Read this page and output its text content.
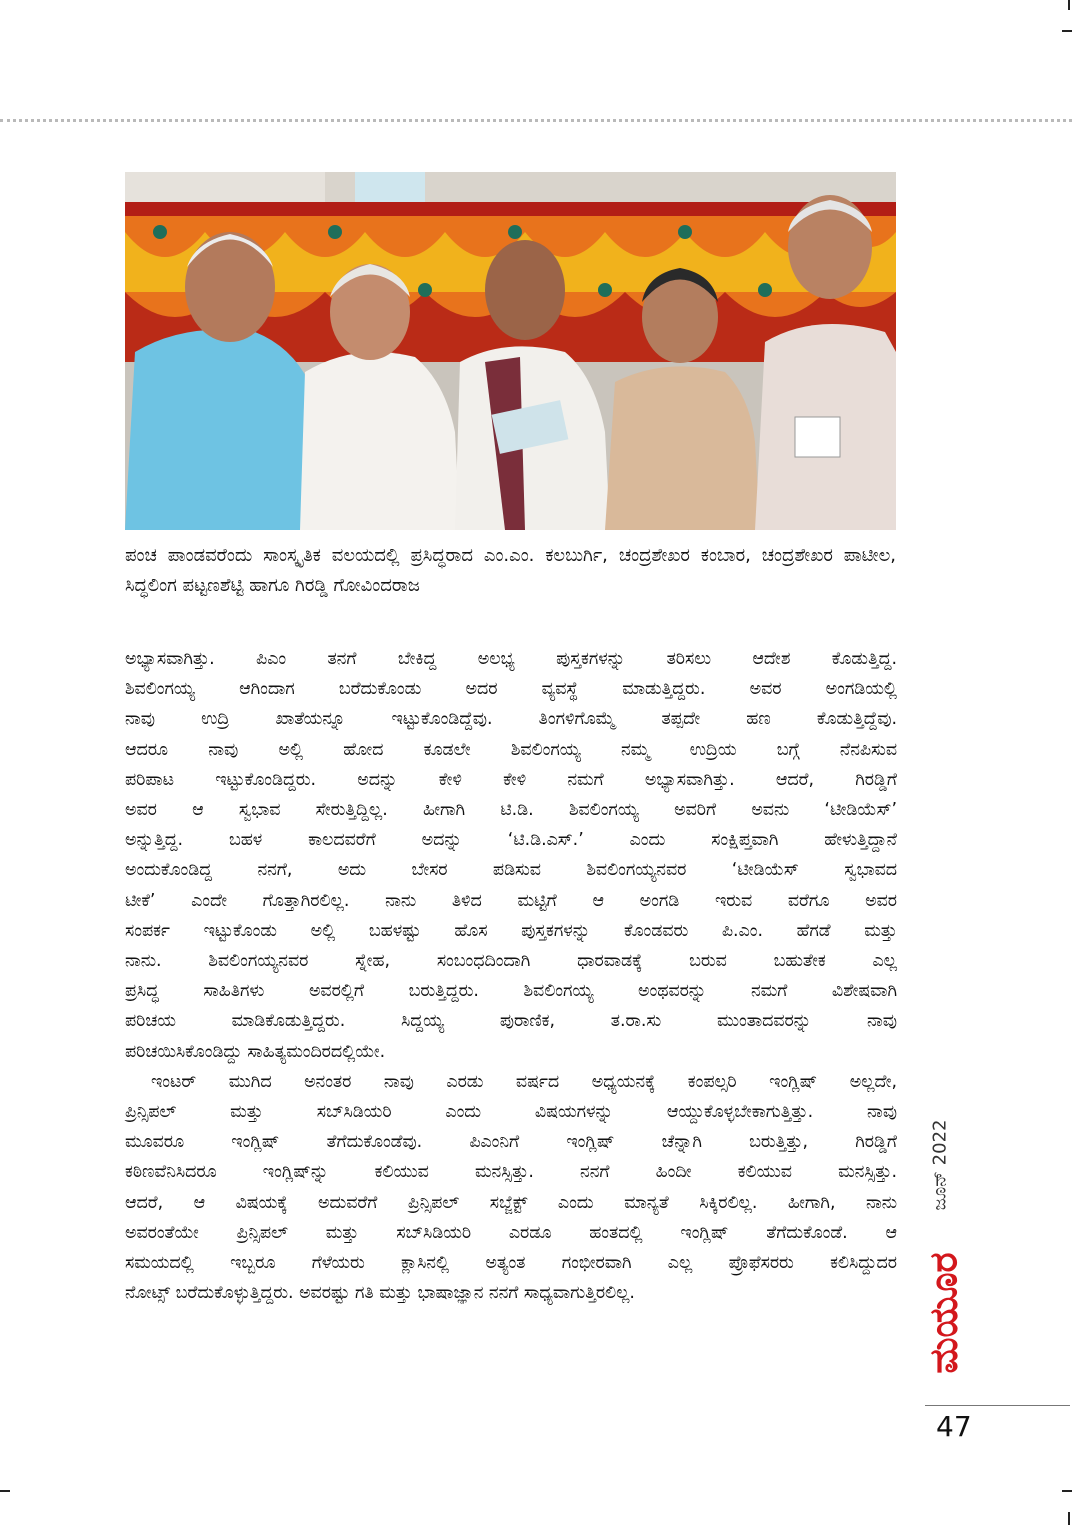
ಪಂಚ ಪಾಂಡವರೆಂದು ಸಾಂಸ್ಕೃತಿಕ ವಲಯದಲ್ಲಿ ಪ್ರಸಿದ್ಧರಾದ ಎಂ.ಎಂ. ಕಲಬುರ್ಗಿ, ಚಂದ್ರಶೇಖರ ಕಂಬಾರ, ಚಂದ್ರಶೇಖರ ಪಾಟೀಲ, ಸಿದ್ಧಲಿಂಗ ಪಟ್ಟಣಶೆಟ್ಟಿ ಹಾಗೂ ಗಿರಡ್ಡಿ ಗೋವಿಂದರಾಜ

ಅಭ್ಯಾಸವಾಗಿತ್ತು. ಪಿಎಂ ತನಗೆ ಬೇಕಿದ್ದ ಅಲಭ್ಯ ಪುಸ್ತಕಗಳನ್ನು ತರಿಸಲು ಆದೇಶ ಕೊಡುತ್ತಿದ್ದ.

ಶಿವಲಿಂಗಯ್ಯ ಆಗಿಂದಾಗ ಬರೆದುಕೊಂಡು ಅದರ ವ್ಯವಸ್ಥೆ ಮಾಡುತ್ತಿದ್ದರು. ಅವರ ಅಂಗಡಿಯಲ್ಲಿ

ನಾವು ಉದ್ರಿ ಖಾತೆಯನ್ನೂ ಇಟ್ಟುಕೊಂಡಿದ್ದೆವು. ತಿಂಗಳಿಗೊಮ್ಮೆ ತಪ್ಪದೇ ಹಣ ಕೊಡುತ್ತಿದ್ದೆವು.

ಆದರೂ ನಾವು ಅಲ್ಲಿ ಹೋದ ಕೂಡಲೇ ಶಿವಲಿಂಗಯ್ಯ ನಮ್ಮ ಉದ್ರಿಯ ಬಗ್ಗೆ ನೆನಪಿಸುವ

ಪರಿಪಾಟ ಇಟ್ಟುಕೊಂಡಿದ್ದರು. ಅದನ್ನು ಕೇಳಿ ಕೇಳಿ ನಮಗೆ ಅಭ್ಯಾಸವಾಗಿತ್ತು. ಆದರೆ, ಗಿರಡ್ಡಿಗೆ

ಅವರ ಆ ಸ್ವಭಾವ ಸೇರುತ್ತಿದ್ದಿಲ್ಲ. ಹೀಗಾಗಿ ಟಿ.ಡಿ. ಶಿವಲಿಂಗಯ್ಯ ಅವರಿಗೆ ಅವನು ‘ಟೀಡಿಯೆಸ್’

ಅನ್ನುತ್ತಿದ್ದ. ಬಹಳ ಕಾಲದವರೆಗೆ ಅದನ್ನು ‘ಟಿ.ಡಿ.ಎಸ್.’ ಎಂದು ಸಂಕ್ಷಿಪ್ತವಾಗಿ ಹೇಳುತ್ತಿದ್ದಾನೆ

ಅಂದುಕೊಂಡಿದ್ದ ನನಗೆ, ಅದು ಬೇಸರ ಪಡಿಸುವ ಶಿವಲಿಂಗಯ್ಯನವರ ‘ಟೀಡಿಯೆಸ್ ಸ್ವಭಾವದ

ಟೀಕೆ’ ಎಂದೇ ಗೊತ್ತಾಗಿರಲಿಲ್ಲ. ನಾನು ತಿಳಿದ ಮಟ್ಟಿಗೆ ಆ ಅಂಗಡಿ ಇರುವ ವರೆಗೂ ಅವರ

ಸಂಪರ್ಕ ಇಟ್ಟುಕೊಂಡು ಅಲ್ಲಿ ಬಹಳಷ್ಟು ಹೊಸ ಪುಸ್ತಕಗಳನ್ನು ಕೊಂಡವರು ಪಿ.ಎಂ. ಹೆಗಡೆ ಮತ್ತು

ನಾನು. ಶಿವಲಿಂಗಯ್ಯನವರ ಸ್ನೇಹ, ಸಂಬಂಧದಿಂದಾಗಿ ಧಾರವಾಡಕ್ಕೆ ಬರುವ ಬಹುತೇಕ ಎಲ್ಲ

ಪ್ರಸಿದ್ಧ ಸಾಹಿತಿಗಳು ಅವರಲ್ಲಿಗೆ ಬರುತ್ತಿದ್ದರು. ಶಿವಲಿಂಗಯ್ಯ ಅಂಥವರನ್ನು ನಮಗೆ ವಿಶೇಷವಾಗಿ

ಪರಿಚಯ ಮಾಡಿಕೊಡುತ್ತಿದ್ದರು. ಸಿದ್ದಯ್ಯ ಪುರಾಣಿಕ, ತ.ರಾ.ಸು ಮುಂತಾದವರನ್ನು ನಾವು

ಪರಿಚಯಿಸಿಕೊಂಡಿದ್ದು ಸಾಹಿತ್ಯಮಂದಿರದಲ್ಲಿಯೇ.

ಇಂಟರ್ ಮುಗಿದ ಅನಂತರ ನಾವು ಎರಡು ವರ್ಷದ ಅಧ್ಯಯನಕ್ಕೆ ಕಂಪಲ್ಸರಿ ಇಂಗ್ಲಿಷ್ ಅಲ್ಲದೇ,

ಪ್ರಿನ್ಸಿಪಲ್ ಮತ್ತು ಸಬ್‌ಸಿಡಿಯರಿ ಎಂದು ವಿಷಯಗಳನ್ನು ಆಯ್ದುಕೊಳ್ಳಬೇಕಾಗುತ್ತಿತ್ತು. ನಾವು

ಮೂವರೂ ಇಂಗ್ಲಿಷ್ ತೆಗೆದುಕೊಂಡೆವು. ಪಿಎಂನಿಗೆ ಇಂಗ್ಲಿಷ್ ಚೆನ್ನಾಗಿ ಬರುತ್ತಿತ್ತು, ಗಿರಡ್ಡಿಗೆ

ಕಠಿಣವೆನಿಸಿದರೂ ಇಂಗ್ಲಿಷ್‌ನ್ನು ಕಲಿಯುವ ಮನಸ್ಸಿತ್ತು. ನನಗೆ ಹಿಂದೀ ಕಲಿಯುವ ಮನಸ್ಸಿತ್ತು.

ಆದರೆ, ಆ ವಿಷಯಕ್ಕೆ ಅದುವರೆಗೆ ಪ್ರಿನ್ಸಿಪಲ್ ಸಬ್ಜೆಕ್ಟ್ ಎಂದು ಮಾನ್ಯತೆ ಸಿಕ್ಕಿರಲಿಲ್ಲ. ಹೀಗಾಗಿ, ನಾನು

ಅವರಂತೆಯೇ ಪ್ರಿನ್ಸಿಪಲ್ ಮತ್ತು ಸಬ್‌ಸಿಡಿಯರಿ ಎರಡೂ ಹಂತದಲ್ಲಿ ಇಂಗ್ಲಿಷ್ ತೆಗೆದುಕೊಂಡೆ. ಆ

ಸಮಯದಲ್ಲಿ ಇಬ್ಬರೂ ಗೆಳೆಯರು ಕ್ಲಾಸಿನಲ್ಲಿ ಅತ್ಯಂತ ಗಂಭೀರವಾಗಿ ಎಲ್ಲ ಪ್ರೊಫೆಸರರು ಕಲಿಸಿದ್ದುದರ

ನೋಟ್ಸ್ ಬರೆದುಕೊಳ್ಳುತ್ತಿದ್ದರು. ಅವರಷ್ಟು ಗತಿ ಮತ್ತು ಭಾಷಾಜ್ಞಾನ ನನಗೆ ಸಾಧ್ಯವಾಗುತ್ತಿರಲಿಲ್ಲ.

ಜೂನ್ 2022
ಮಯೂರ
47
